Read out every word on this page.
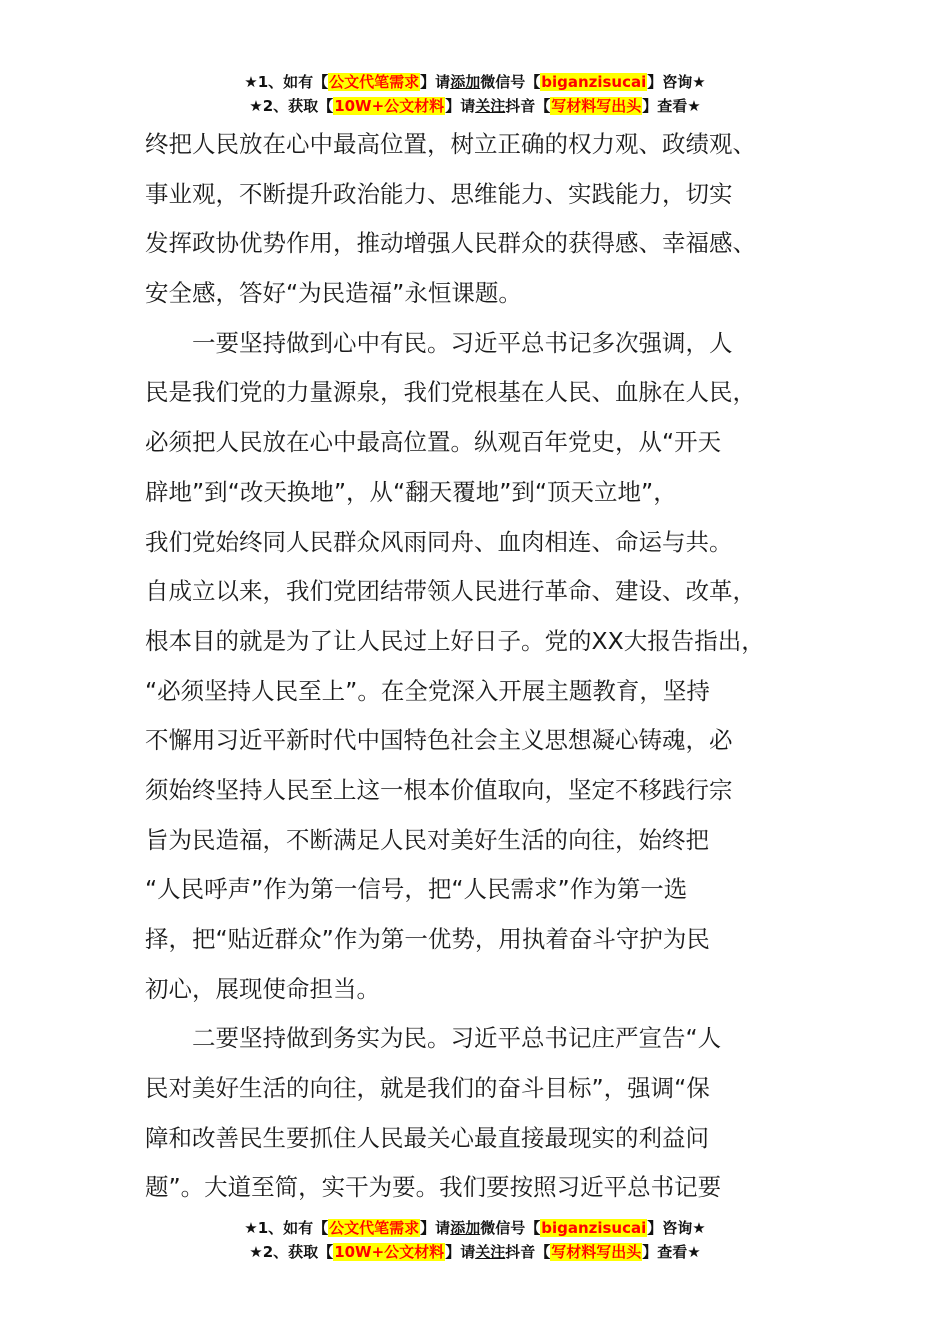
★1、如有【公文代笔需求】请添加微信号【biganzisucai】咨询★
★2、获取【10W+公文材料】请关注抖音【写材料写出头】查看★
终把人民放在心中最高位置，树立正确的权力观、政绩观、
事业观，不断提升政治能力、思维能力、实践能力，切实
发挥政协优势作用，推动增强人民群众的获得感、幸福感、
安全感，答好“为民造福”永恒课题。
　　一要坚持做到心中有民。习近平总书记多次强调，人
民是我们党的力量源泉，我们党根基在人民、血脉在人民，
必须把人民放在心中最高位置。纵观百年党史，从“开天
辟地”到“改天换地”，从“翻天覆地”到“顶天立地”，
我们党始终同人民群众风雨同舟、血肉相连、命运与共。
自成立以来，我们党团结带领人民进行革命、建设、改革，
根本目的就是为了让人民过上好日子。党的XX大报告指出，
“必须坚持人民至上”。在全党深入开展主题教育，坚持
不懈用习近平新时代中国特色社会主义思想凝心铸魂，必
须始终坚持人民至上这一根本价值取向，坚定不移践行宗
旨为民造福，不断满足人民对美好生活的向往，始终把
“人民呼声”作为第一信号，把“人民需求”作为第一选
择，把“贴近群众”作为第一优势，用执着奋斗守护为民
初心，展现使命担当。
　　二要坚持做到务实为民。习近平总书记庄严宣告“人
民对美好生活的向往，就是我们的奋斗目标”，强调“保
障和改善民生要抓住人民最关心最直接最现实的利益问
题”。大道至简，实干为要。我们要按照习近平总书记要
★1、如有【公文代笔需求】请添加微信号【biganzisucai】咨询★
★2、获取【10W+公文材料】请关注抖音【写材料写出头】查看★
